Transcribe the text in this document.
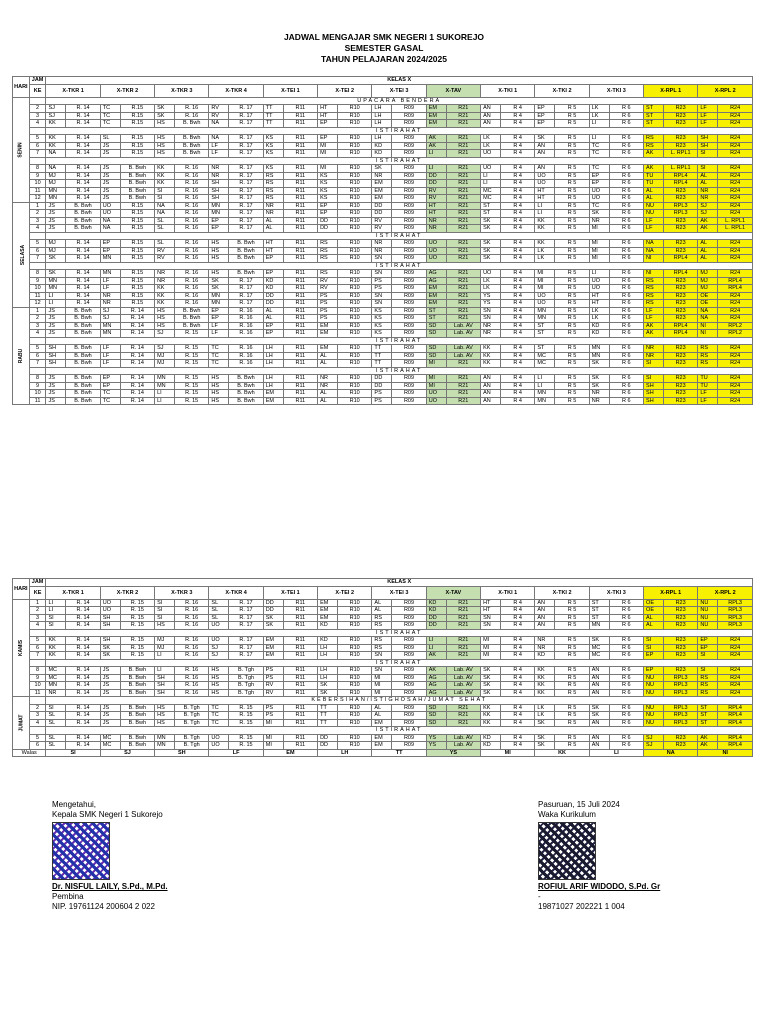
JADWAL MENGAJAR SMK NEGERI 1 SUKOREJO
SEMESTER GASAL
TAHUN PELAJARAN 2024/2025
HARI	JAM	KELAS X																									
	KE	X-TKR 1		X-TKR 2		X-TKR 3		X-TKR 4		X-TEI 1		X-TEI 2		X-TEI 3		X-TAV		X-TKI 1		X-TKI 2		X-TKI 3		X-RPL 1		X-RPL 2	

SENIN		UPACARA BENDERA																									
	2	SJ	R. 14	TC	R.15	SK	R. 16	RV	R. 17	TT	R11	HT	R10	LH	R09	EM	R21	AN	R 4	EP	R 5	LK	R 6	ST	R23	LF	R24
	3	SJ	R. 14	TC	R.15	SK	R. 16	RV	R. 17	TT	R11	HT	R10	LH	R09	EM	R21	AN	R 4	EP	R 5	LK	R 6	ST	R23	LF	R24
	4	KK	R. 14	TC	R.15	HS	B. Bwh	NA	R. 17	TT	R11	EP	R10	LH	R09	EM	R21	AN	R 4	EP	R 5	LI	R 6	ST	R23	LF	R24
		ISTIRAHAT																									
	5	KK	R. 14	SL	R.15	HS	B. Bwh	NA	R. 17	KS	R11	EP	R10	LH	R09	AK	R21	LK	R 4	SK	R 5	LI	R 6	RS	R23	SH	R24
	6	KK	R. 14	JS	R.15	HS	B. Bwh	LF	R. 17	KS	R11	MI	R10	KD	R09	AK	R21	LK	R 4	AN	R 5	TC	R 6	RS	R23	SH	R24
	7	NA	R. 14	JS	R.15	HS	B. Bwh	LF	R. 17	KS	R11	MI	R10	KD	R09	LI	R21	UO	R 4	AN	R 5	TC	R 6	AK	L. RPL1	SI	R24
		ISTIRAHAT																									
	8	NA	R. 14	JS	B. Bwh	KK	R. 16	NR	R. 17	KS	R11	MI	R10	SK	R09	LI	R21	UO	R 4	AN	R 5	TC	R 6	AK	L. RPL1	SI	R24
	9	MJ	R. 14	JS	B. Bwh	KK	R. 16	NR	R. 17	RS	R11	KS	R10	NR	R09	DD	R21	LI	R 4	UO	R 5	EP	R 6	TU	RPL4	AL	R24
	10	MJ	R. 14	JS	B. Bwh	KK	R. 16	SH	R. 17	RS	R11	KS	R10	EM	R09	DD	R21	LI	R 4	UO	R 5	EP	R 6	TU	RPL4	AL	R24
	11	MN	R. 14	JS	B. Bwh	SI	R. 16	SH	R. 17	RS	R11	KS	R10	EM	R09	RV	R21	MC	R 4	HT	R 5	UO	R 6	AL	R23	NR	R24
	12	MN	R. 14	JS	B. Bwh	SI	R. 16	SH	R. 17	RS	R11	KS	R10	EM	R09	RV	R21	MC	R 4	HT	R 5	UO	R 6	AL	R23	NR	R24
SELASA	1	JS	B. Bwh	UO	R.15	NA	R. 16	MN	R. 17	NR	R11	EP	R10	DD	R09	HT	R21	ST	R 4	LI	R 5	TC	R 6	NU	RPL3	SJ	R24
	2	JS	B. Bwh	UO	R.15	NA	R. 16	MN	R. 17	NR	R11	EP	R10	DD	R09	HT	R21	ST	R 4	LI	R 5	SK	R 6	NU	RPL3	SJ	R24
	3	JS	B. Bwh	NA	R.15	SL	R. 16	EP	R. 17	AL	R11	DD	R10	RV	R09	NR	R21	SK	R 4	KK	R 5	NR	R 6	LF	R23	AK	L. RPL1
	4	JS	B. Bwh	NA	R.15	SL	R. 16	EP	R. 17	AL	R11	DD	R10	RV	R09	NR	R21	SK	R 4	KK	R 5	MI	R 6	LF	R23	AK	L. RPL1
		ISTIRAHAT																									
	5	MJ	R. 14	EP	R.15	SL	R. 16	HS	B. Bwh	HT	R11	RS	R10	NR	R09	UO	R21	SK	R 4	KK	R 5	MI	R 6	NA	R23	AL	R24
	6	MJ	R. 14	EP	R.15	RV	R. 16	HS	B. Bwh	HT	R11	RS	R10	NR	R09	UO	R21	SK	R 4	LK	R 5	MI	R 6	NA	R23	AL	R24
	7	SK	R. 14	MN	R.15	RV	R. 16	HS	B. Bwh	EP	R11	RS	R10	SN	R09	UO	R21	SK	R 4	LK	R 5	MI	R 6	NI	RPL4	AL	R24
		ISTIRAHAT																									
	8	SK	R. 14	MN	R.15	NR	R. 16	HS	B. Bwh	EP	R11	RS	R10	SN	R09	AG	R21	UO	R 4	MI	R 5	LI	R 6	NI	RPL4	MJ	R24
	9	MN	R. 14	LF	R.15	NR	R. 16	SK	R. 17	KD	R11	RV	R10	PS	R09	AG	R21	LK	R 4	MI	R 5	UO	R 6	RS	R23	MJ	RPL4
	10	MN	R. 14	LF	R.15	KK	R. 16	SK	R. 17	KD	R11	RV	R10	PS	R09	EM	R21	LK	R 4	MI	R 5	UO	R 6	RS	R23	MJ	RPL4
	11	LI	R. 14	NR	R.15	KK	R. 16	MN	R. 17	DD	R11	PS	R10	SN	R09	EM	R21	YS	R 4	UO	R 5	HT	R 6	RS	R23	OE	R24
	12	LI	R. 14	NR	R.15	KK	R. 16	MN	R. 17	DD	R11	PS	R10	SN	R09	EM	R21	YS	R 4	UO	R 5	HT	R 6	RS	R23	OE	R24
RABU	1	JS	B. Bwh	SJ	R. 14	HS	B. Bwh	EP	R. 16	AL	R11	PS	R10	KS	R09	ST	R21	SN	R 4	MN	R 5	LK	R 6	LF	R23	NA	R24
	2	JS	B. Bwh	SJ	R. 14	HS	B. Bwh	EP	R. 16	AL	R11	PS	R10	KS	R09	ST	R21	SN	R 4	MN	R 5	LK	R 6	LF	R23	NA	R24
	3	JS	B. Bwh	MN	R. 14	HS	B. Bwh	LF	R. 16	EP	R11	EM	R10	KS	R09	SD	Lab. AV	NR	R 4	ST	R 5	KD	R 6	AK	RPL4	NI	RPL2
	4	JS	B. Bwh	MN	R. 14	SJ	R. 15	LF	R. 16	EP	R11	EM	R10	KS	R09	SD	Lab. AV	NR	R 4	ST	R 5	KD	R 6	AK	RPL4	NI	RPL2
		ISTIRAHAT																									
	5	SH	B. Bwh	LF	R. 14	SJ	R. 15	TC	R. 16	LH	R11	EM	R10	TT	R09	SD	Lab. AV	KK	R 4	ST	R 5	MN	R 6	NR	R23	RS	R24
	6	SH	B. Bwh	LF	R. 14	MJ	R. 15	TC	R. 16	LH	R11	AL	R10	TT	R09	SD	Lab. AV	KK	R 4	MC	R 5	MN	R 6	NR	R23	RS	R24
	7	SH	B. Bwh	LF	R. 14	MJ	R. 15	TC	R. 16	LH	R11	AL	R10	TT	R09	MI	R21	KK	R 4	MC	R 5	SK	R 6	SI	R23	RS	R24
		ISTIRAHAT																									
	8	JS	B. Bwh	EP	R. 14	MN	R. 15	HS	B. Bwh	LH	R11	NR	R10	DD	R09	MI	R21	AN	R 4	LI	R 5	SK	R 6	SI	R23	TU	R24
	9	JS	B. Bwh	EP	R. 14	MN	R. 15	HS	B. Bwh	LH	R11	NR	R10	DD	R09	MI	R21	AN	R 4	LI	R 5	SK	R 6	SH	R23	TU	R24
	10	JS	B. Bwh	TC	R. 14	LI	R. 15	HS	B. Bwh	EM	R11	AL	R10	PS	R09	UO	R21	AN	R 4	MN	R 5	NR	R 6	SH	R23	LF	R24
	11	JS	B. Bwh	TC	R. 14	LI	R. 15	HS	B. Bwh	EM	R11	AL	R10	PS	R09	UO	R21	AN	R 4	MN	R 5	NR	R 6	SH	R23	LF	R24
HARI	JAM	KELAS X																									
	KE	X-TKR 1		X-TKR 2		X-TKR 3		X-TKR 4		X-TEI 1		X-TEI 2		X-TEI 3		X-TAV		X-TKI 1		X-TKI 2		X-TKI 3		X-RPL 1		X-RPL 2	

KAMIS	1	LI	R. 14	UO	R. 15	SI	R. 16	SL	R. 17	DD	R11	EM	R10	AL	R09	KD	R21	HT	R 4	AN	R 5	ST	R 6	OE	R23	NU	RPL3
	2	LI	R. 14	UO	R. 15	SI	R. 16	SL	R. 17	DD	R11	EM	R10	AL	R09	KD	R21	HT	R 4	AN	R 5	ST	R 6	OE	R23	NU	RPL3
	3	SI	R. 14	SH	R. 15	SI	R. 16	SL	R. 17	SK	R11	EM	R10	RS	R09	DD	R21	SN	R 4	AN	R 5	ST	R 6	AL	R23	NU	RPL3
	4	SI	R. 14	SH	R. 15	HS	R. 16	UO	R. 17	SK	R11	KD	R10	RS	R09	DD	R21	SN	R 4	AN	R 5	MN	R 6	AL	R23	NU	RPL3
		ISTIRAHAT																									
	5	KK	R. 14	SH	R. 15	MJ	R. 16	UO	R. 17	EM	R11	KD	R10	RS	R09	LI	R21	MI	R 4	NR	R 5	SK	R 6	SI	R23	EP	R24
	6	KK	R. 14	SK	R. 15	MJ	R. 16	SJ	R. 17	EM	R11	LH	R10	RS	R09	LI	R21	MI	R 4	NR	R 5	MC	R 6	SI	R23	EP	R24
	7	KK	R. 14	SK	R. 15	LI	R. 16	SJ	R. 17	EM	R11	LH	R10	SN	R09	AK	R21	MI	R 4	KD	R 5	MC	R 6	EP	R23	SI	R24
		ISTIRAHAT																									
	8	MC	R. 14	JS	B. Bwh	LI	R. 16	HS	B. Tgh	PS	R11	LH	R10	SN	R09	AK	Lab. AV	SK	R 4	KK	R 5	AN	R 6	EP	R23	SI	R24
	9	MC	R. 14	JS	B. Bwh	SH	R. 16	HS	B. Tgh	PS	R11	LH	R10	MI	R09	AG	Lab. AV	SK	R 4	KK	R 5	AN	R 6	NU	RPL3	RS	R24
	10	MN	R. 14	JS	B. Bwh	SH	R. 16	HS	B. Tgh	RV	R11	SK	R10	MI	R09	AG	Lab. AV	SK	R 4	KK	R 5	AN	R 6	NU	RPL3	RS	R24
	11	NR	R. 14	JS	B. Bwh	SH	R. 16	HS	B. Tgh	RV	R11	SK	R10	MI	R09	AG	Lab. AV	SK	R 4	KK	R 5	AN	R 6	NU	RPL3	RS	R24
JUMAT		KEBERSIHAN/ISTIGHOSAH/JUMAT SEHAT																									
	2	SI	R. 14	JS	B. Bwh	HS	B. Tgh	TC	R. 15	PS	R11	TT	R10	AL	R09	SD	R21	KK	R 4	LK	R 5	SK	R 6	NU	RPL3	ST	RPL4
	3	SL	R. 14	JS	B. Bwh	HS	B. Tgh	TC	R. 15	PS	R11	TT	R10	AL	R09	SD	R21	KK	R 4	LK	R 5	SK	R 6	NU	RPL3	ST	RPL4
	4	SL	R. 14	JS	B. Bwh	HS	B. Tgh	TC	R. 15	MI	R11	TT	R10	EM	R09	SD	R21	KK	R 4	SK	R 5	AN	R 6	NU	RPL3	ST	RPL4
		ISTIRAHAT																									
	5	SL	R. 14	MC	B. Bwh	MN	B. Tgh	UO	R. 15	MI	R11	DD	R10	EM	R09	YS	Lab. AV	KD	R 4	SK	R 5	AN	R 6	SJ	R23	AK	RPL4
	6	SL	R. 14	MC	B. Bwh	MN	B. Tgh	UO	R. 15	MI	R11	DD	R10	EM	R09	YS	Lab. AV	KD	R 4	SK	R 5	AN	R 6	SJ	R23	AK	RPL4
Walas		SI		SJ		SH		LF		EM		LH		TT		YS		MI		KK		LI		NA		NI	
Mengetahui,
Kepala SMK Negeri 1 Sukorejo
Dr. NISFUL LAILY, S.Pd., M.Pd.
Pembina
NIP. 19761124 200604 2 022
Pasuruan, 15 Juli 2024
Waka Kurikulum
ROFIUL ARIF WIDODO, S.Pd. Gr
-
19871027 202221 1 004
